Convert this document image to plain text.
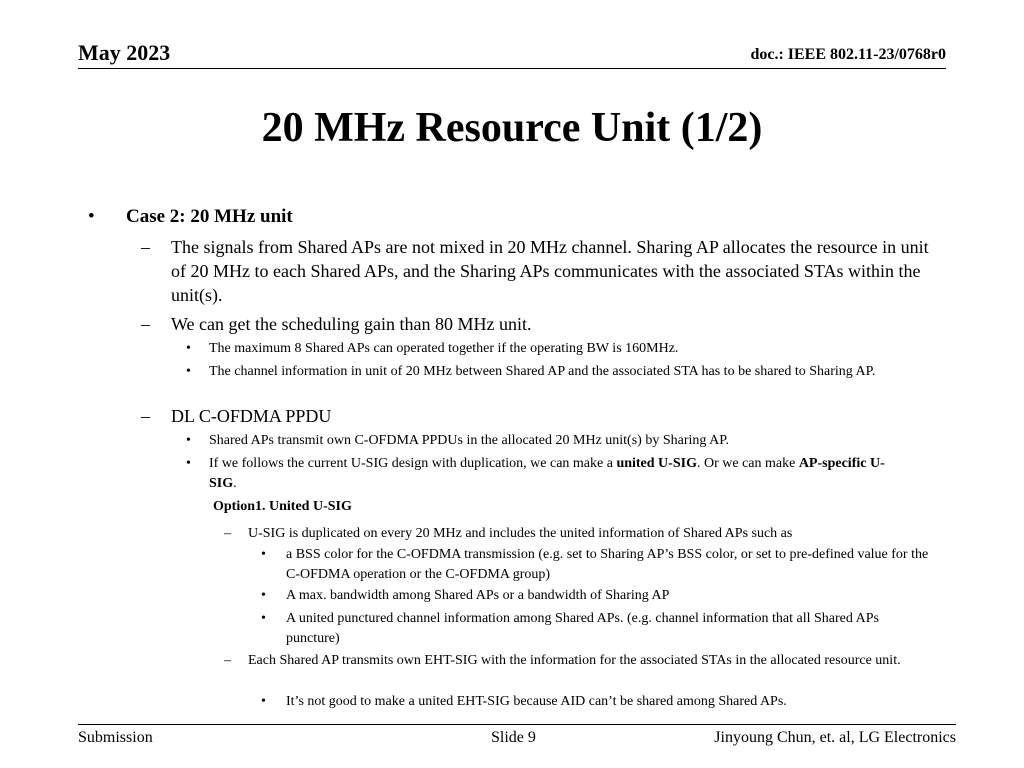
May 2023	doc.: IEEE 802.11-23/0768r0
20 MHz Resource Unit (1/2)
• Case 2: 20 MHz unit
– The signals from Shared APs are not mixed in 20 MHz channel. Sharing AP allocates the resource in unit of 20 MHz to each Shared APs, and the Sharing APs communicates with the associated STAs within the unit(s).
– We can get the scheduling gain than 80 MHz unit.
• The maximum 8 Shared APs can operated together if the operating BW is 160MHz.
• The channel information in unit of 20 MHz between Shared AP and the associated STA has to be shared to Sharing AP.
– DL C-OFDMA PPDU
• Shared APs transmit own C-OFDMA PPDUs in the allocated 20 MHz unit(s) by Sharing AP.
• If we follows the current U-SIG design with duplication, we can make a united U-SIG. Or we can make AP-specific U-SIG.
Option1. United U-SIG
– U-SIG is duplicated on every 20 MHz and includes the united information of Shared APs such as
• a BSS color for the C-OFDMA transmission (e.g. set to Sharing AP’s BSS color, or set to pre-defined value for the C-OFDMA operation or the C-OFDMA group)
• A max. bandwidth among Shared APs or a bandwidth of Sharing AP
• A united punctured channel information among Shared APs. (e.g. channel information that all Shared APs puncture)
– Each Shared AP transmits own EHT-SIG with the information for the associated STAs in the allocated resource unit.
• It’s not good to make a united EHT-SIG because AID can’t be shared among Shared APs.
Submission	Slide 9	Jinyoung Chun, et. al, LG Electronics
